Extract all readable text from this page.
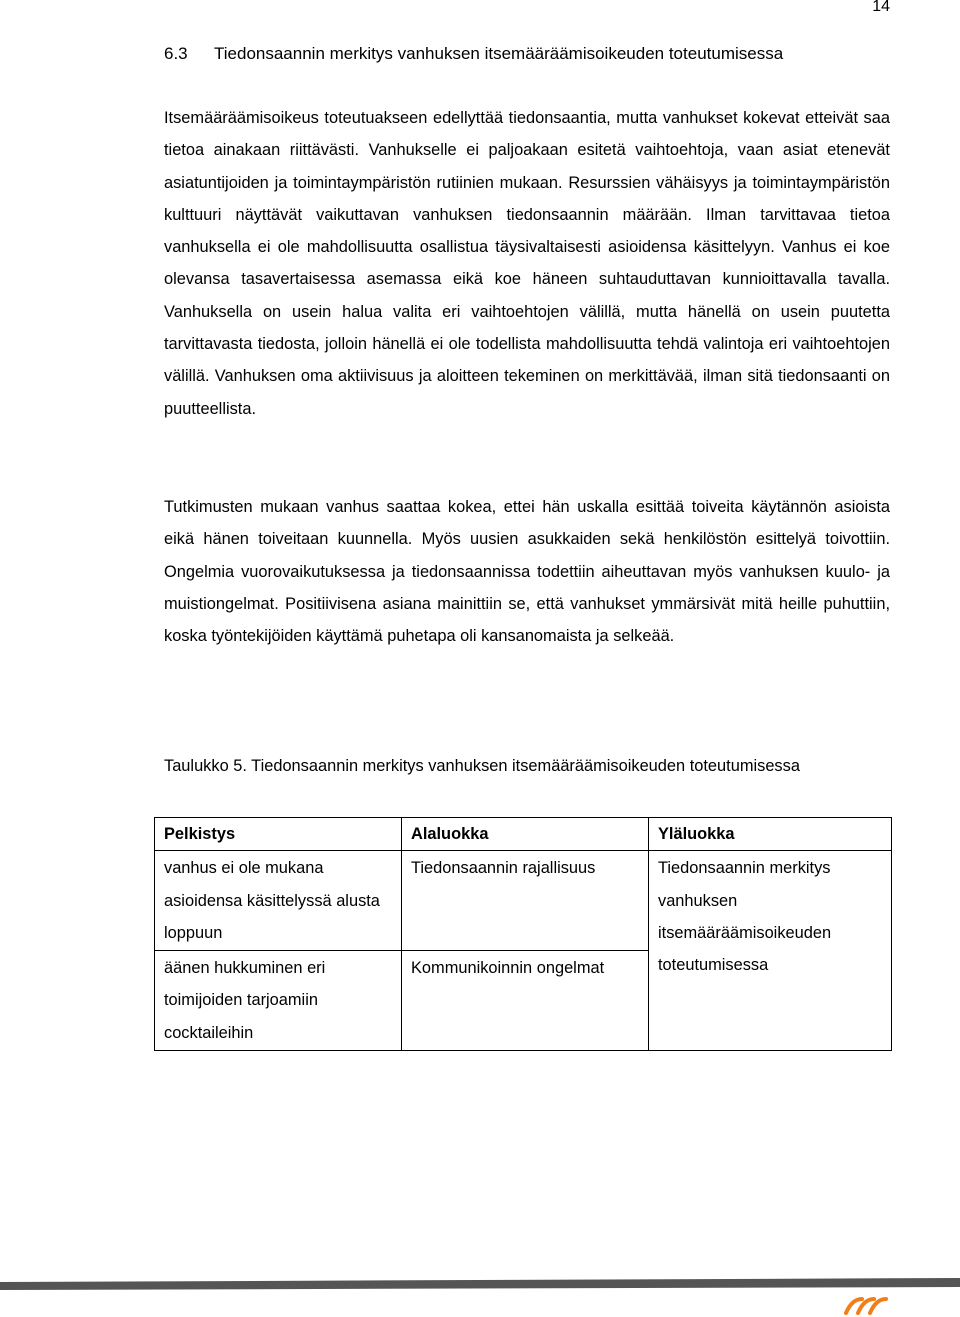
14
6.3 Tiedonsaannin merkitys vanhuksen itsemääräämisoikeuden toteutumisessa

Itsemääräämisoikeus toteutuakseen edellyttää tiedonsaantia, mutta vanhukset kokevat etteivät saa tietoa ainakaan riittävästi. Vanhukselle ei paljoakaan esitetä vaihtoehtoja, vaan asiat etenevät asiatuntijoiden ja toimintaympäristön rutiinien mukaan. Resurssien vähäisyys ja toimintaympäristön kulttuuri näyttävät vaikuttavan vanhuksen tiedonsaannin määrään. Ilman tarvittavaa tietoa vanhuksella ei ole mahdollisuutta osallistua täysivaltaisesti asioidensa käsittelyyn. Vanhus ei koe olevansa tasavertaisessa asemassa eikä koe häneen suhtauduttavan kunnioittavalla tavalla. Vanhuksella on usein halua valita eri vaihtoehtojen välillä, mutta hänellä on usein puutetta tarvittavasta tiedosta, jolloin hänellä ei ole todellista mahdollisuutta tehdä valintoja eri vaihtoehtojen välillä. Vanhuksen oma aktiivisuus ja aloitteen tekeminen on merkittävää, ilman sitä tiedonsaanti on puutteellista.

Tutkimusten mukaan vanhus saattaa kokea, ettei hän uskalla esittää toiveita käytännön asioista eikä hänen toiveitaan kuunnella. Myös uusien asukkaiden sekä henkilöstön esittelyä toivottiin. Ongelmia vuorovaikutuksessa ja tiedonsaannissa todettiin aiheuttavan myös vanhuksen kuulo- ja muistiongelmat. Positiivisena asiana mainittiin se, että vanhukset ymmärsivät mitä heille puhuttiin, koska työntekijöiden käyttämä puhetapa oli kansanomaista ja selkeää.

Taulukko 5. Tiedonsaannin merkitys vanhuksen itsemääräämisoikeuden toteutumisessa

Pelkistys	Alaluokka	Yläluokka
vanhus ei ole mukana asioidensa käsittelyssä alusta loppuun	Tiedonsaannin rajallisuus	Tiedonsaannin merkitys vanhuksen itsemääräämisoikeuden toteutumisessa
äänen hukkuminen eri toimijoiden tarjoamiin cocktaileihin	Kommunikoinnin ongelmat	
